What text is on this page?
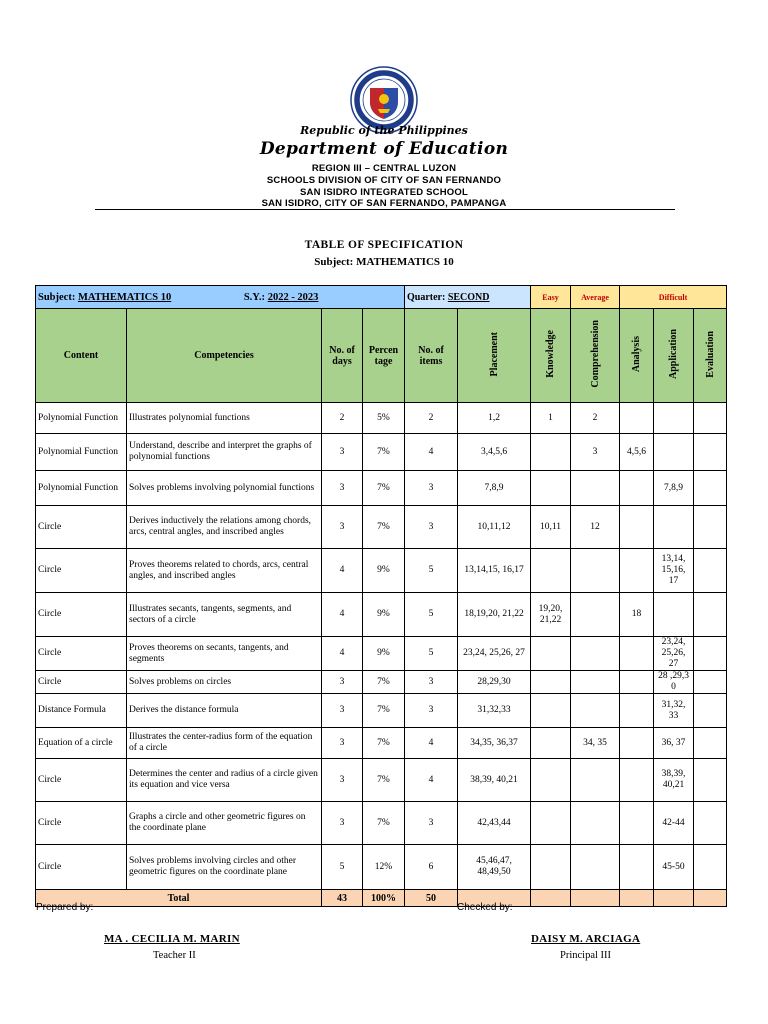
Republic of the Philippines
Department of Education
REGION III – CENTRAL LUZON
SCHOOLS DIVISION OF CITY OF SAN FERNANDO
SAN ISIDRO INTEGRATED SCHOOL
SAN ISIDRO, CITY OF SAN FERNANDO, PAMPANGA
TABLE OF SPECIFICATION
Subject: MATHEMATICS 10
Subject: MATHEMATICS 10 S.Y.: 2022 - 2023				Quarter: SECOND		Easy	Average	Difficult		
Content	Competencies	No. of days	Percen tage	No. of items	Placement	Knowledge	Comprehension	Analysis	Application	Evaluation
Polynomial Function	Illustrates polynomial functions	2	5%	2	1,2	1	2			
Polynomial Function	Understand, describe and interpret the graphs of polynomial functions	3	7%	4	3,4,5,6		3	4,5,6		
Polynomial Function	Solves problems involving polynomial functions	3	7%	3	7,8,9				7,8,9	
Circle	Derives inductively the relations among chords, arcs, central angles, and inscribed angles	3	7%	3	10,11,12	10,11	12			
Circle	Proves theorems related to chords, arcs, central angles, and inscribed angles	4	9%	5	13,14,15, 16,17				13,14, 15,16, 17	
Circle	Illustrates secants, tangents, segments, and sectors of a circle	4	9%	5	18,19,20, 21,22	19,20, 21,22		18		
Circle	Proves theorems on secants, tangents, and segments	4	9%	5	23,24, 25,26, 27				23,24, 25,26, 27	
Circle	Solves problems on circles	3	7%	3	28,29,30				28 ,29,3 0	
Distance Formula	Derives the distance formula	3	7%	3	31,32,33				31,32, 33	
Equation of a circle	Illustrates the center-radius form of the equation of a circle	3	7%	4	34,35, 36,37		34, 35		36, 37	
Circle	Determines the center and radius of a circle given its equation and vice versa	3	7%	4	38,39, 40,21				38,39, 40,21	
Circle	Graphs a circle and other geometric figures on the coordinate plane	3	7%	3	42,43,44				42-44	
Circle	Solves problems involving circles and other geometric figures on the coordinate plane	5	12%	6	45,46,47, 48,49,50				45-50	
Total		43	100%	50						
Prepared by:	Checked by:
MA . CECILIA M. MARIN
Teacher II
DAISY M. ARCIAGA
Principal III
